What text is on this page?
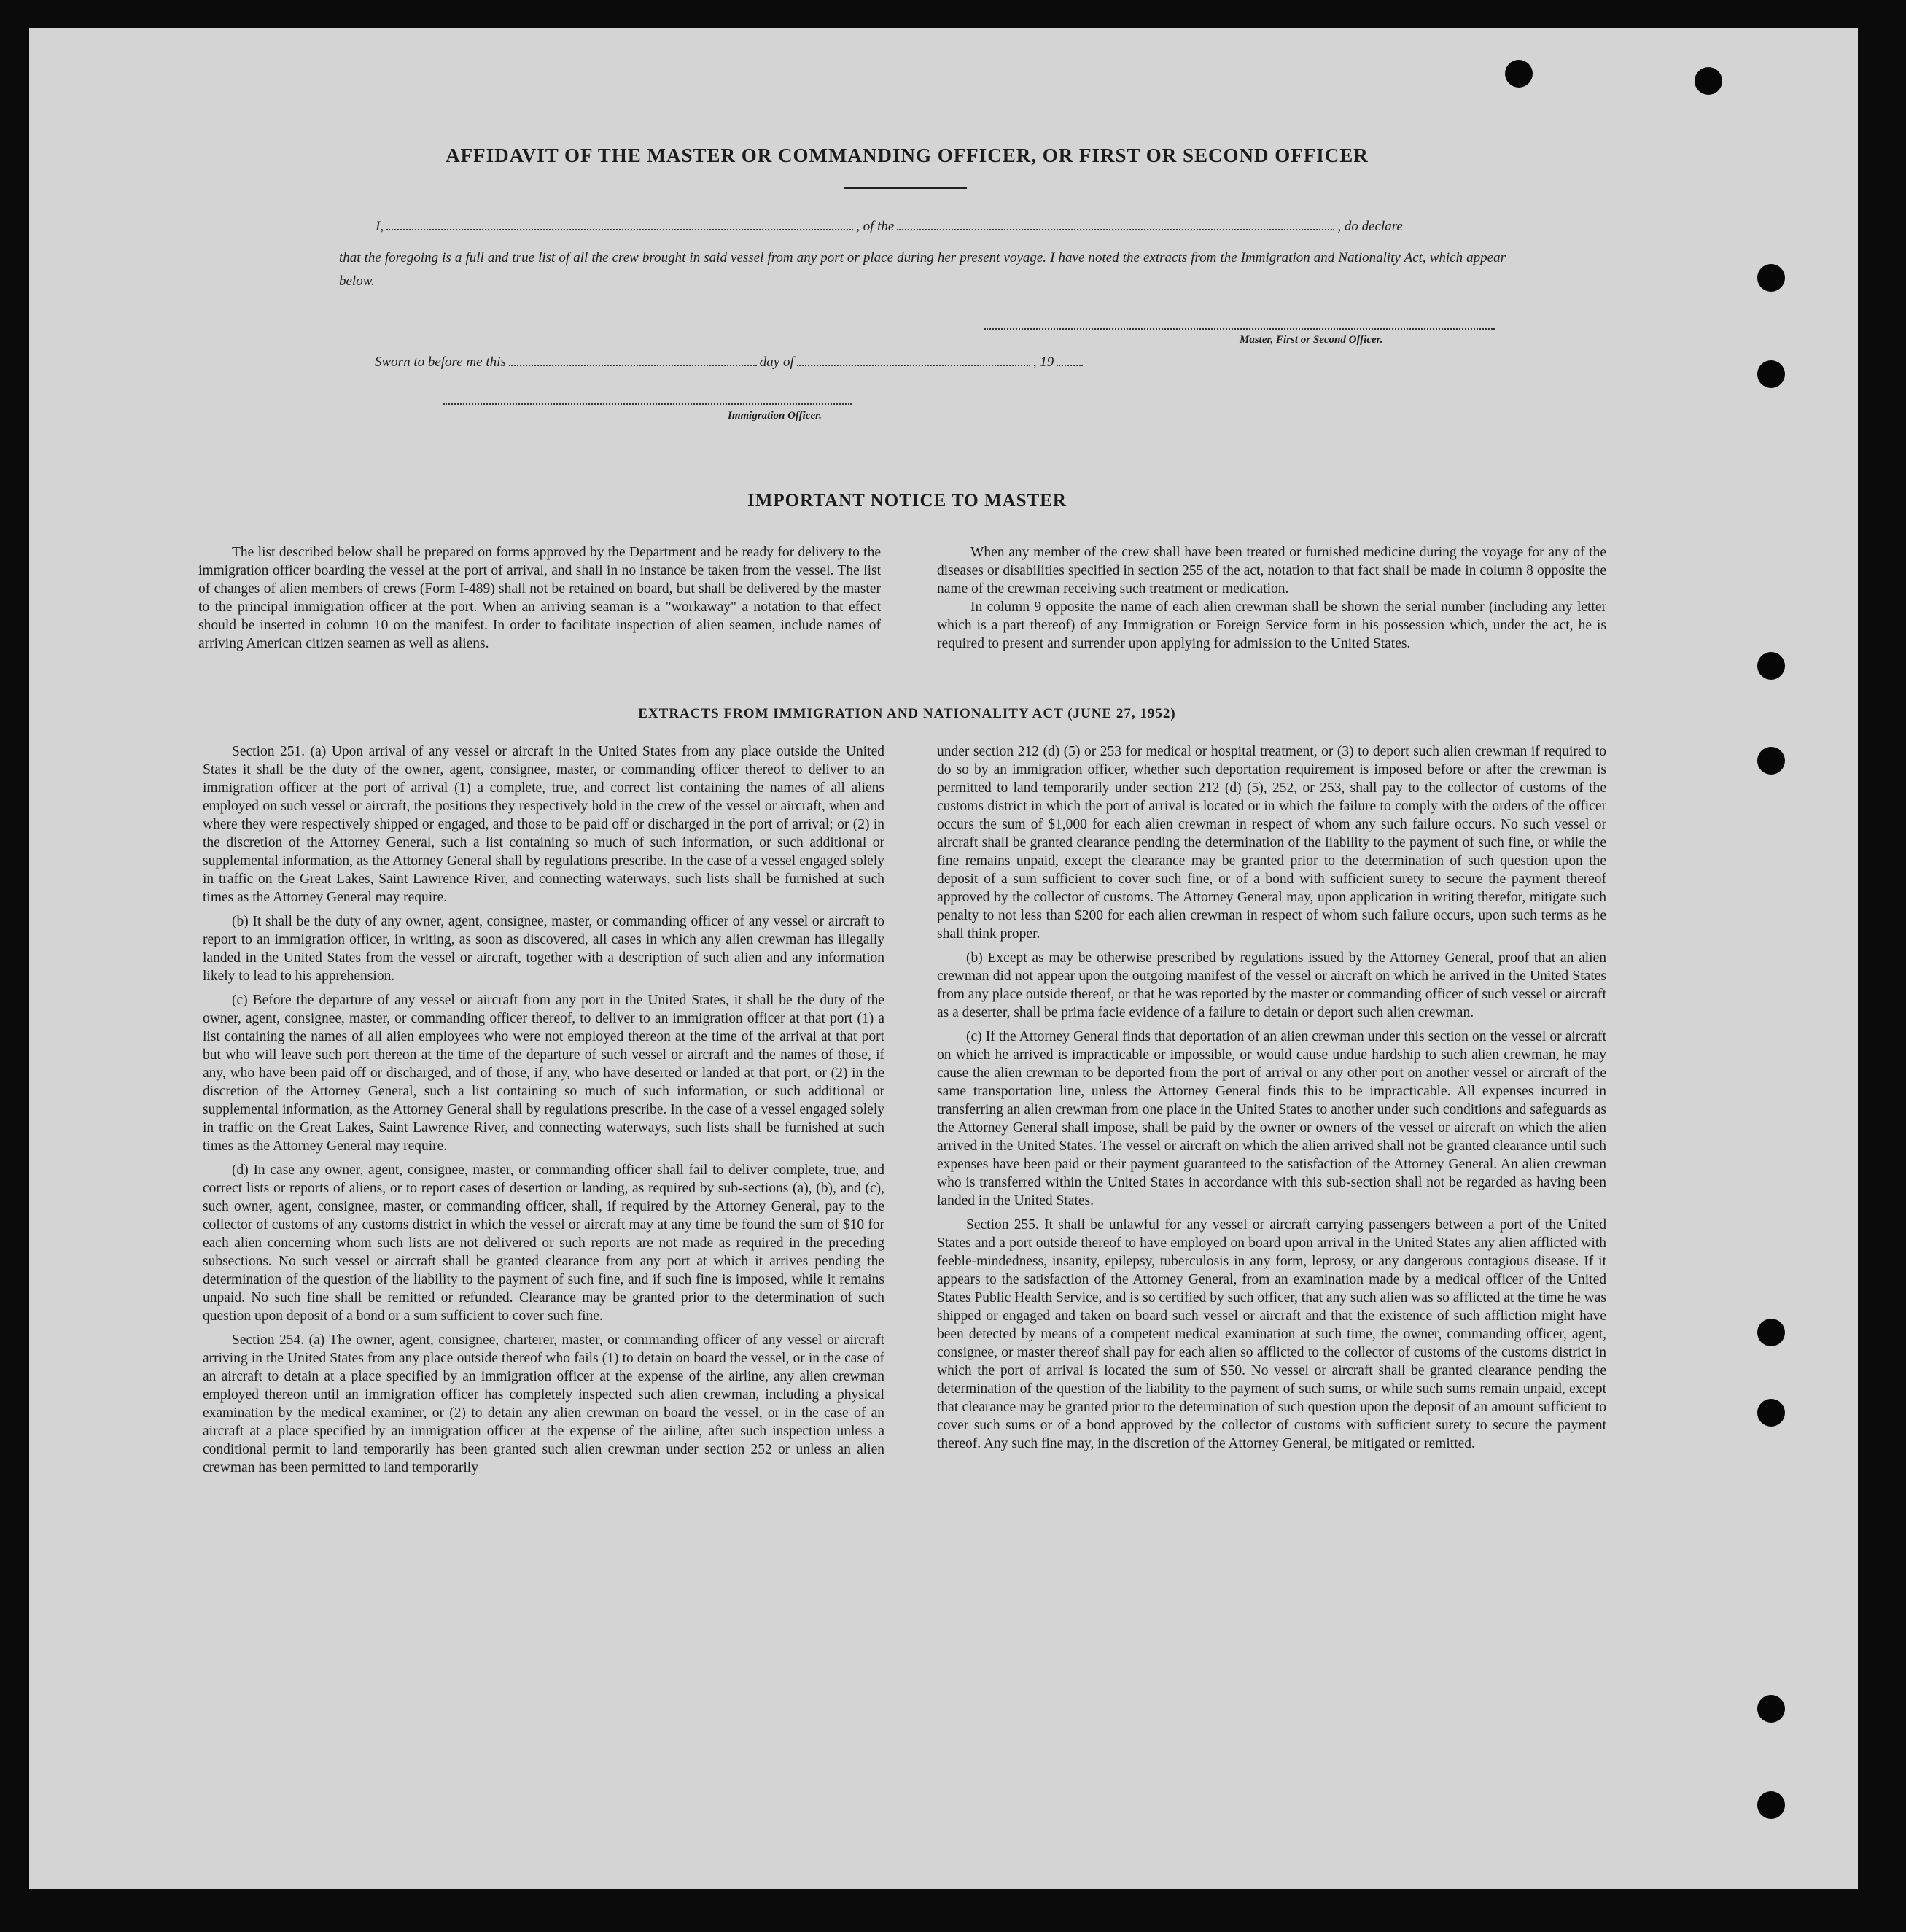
AFFIDAVIT OF THE MASTER OR COMMANDING OFFICER, OR FIRST OR SECOND OFFICER
I,	, of the	, do declare
that the foregoing is a full and true list of all the crew brought in said vessel from any port or place during her present voyage. I have noted the extracts from the Immigration and Nationality Act, which appear below.
Master, First or Second Officer.
Sworn to before me this	day of	, 19
Immigration Officer.
IMPORTANT NOTICE TO MASTER

The list described below shall be prepared on forms approved by the Department and be ready for delivery to the immigration officer boarding the vessel at the port of arrival, and shall in no instance be taken from the vessel. The list of changes of alien members of crews (Form I-489) shall not be retained on board, but shall be delivered by the master to the principal immigration officer at the port. When an arriving seaman is a "workaway" a notation to that effect should be inserted in column 10 on the manifest. In order to facilitate inspection of alien seamen, include names of arriving American citizen seamen as well as aliens.

When any member of the crew shall have been treated or furnished medicine during the voyage for any of the diseases or disabilities specified in section 255 of the act, notation to that fact shall be made in column 8 opposite the name of the crewman receiving such treatment or medication.

In column 9 opposite the name of each alien crewman shall be shown the serial number (including any letter which is a part thereof) of any Immigration or Foreign Service form in his possession which, under the act, he is required to present and surrender upon applying for admission to the United States.

EXTRACTS FROM IMMIGRATION AND NATIONALITY ACT (JUNE 27, 1952)

Section 251. (a) Upon arrival of any vessel or aircraft in the United States from any place outside the United States it shall be the duty of the owner, agent, consignee, master, or commanding officer thereof to deliver to an immigration officer at the port of arrival (1) a complete, true, and correct list containing the names of all aliens employed on such vessel or aircraft, the positions they respectively hold in the crew of the vessel or aircraft, when and where they were respectively shipped or engaged, and those to be paid off or discharged in the port of arrival; or (2) in the discretion of the Attorney General, such a list containing so much of such information, or such additional or supplemental information, as the Attorney General shall by regulations prescribe. In the case of a vessel engaged solely in traffic on the Great Lakes, Saint Lawrence River, and connecting waterways, such lists shall be furnished at such times as the Attorney General may require.

(b) It shall be the duty of any owner, agent, consignee, master, or commanding officer of any vessel or aircraft to report to an immigration officer, in writing, as soon as discovered, all cases in which any alien crewman has illegally landed in the United States from the vessel or aircraft, together with a description of such alien and any information likely to lead to his apprehension.

(c) Before the departure of any vessel or aircraft from any port in the United States, it shall be the duty of the owner, agent, consignee, master, or commanding officer thereof, to deliver to an immigration officer at that port (1) a list containing the names of all alien employees who were not employed thereon at the time of the arrival at that port but who will leave such port thereon at the time of the departure of such vessel or aircraft and the names of those, if any, who have been paid off or discharged, and of those, if any, who have deserted or landed at that port, or (2) in the discretion of the Attorney General, such a list containing so much of such information, or such additional or supplemental information, as the Attorney General shall by regulations prescribe. In the case of a vessel engaged solely in traffic on the Great Lakes, Saint Lawrence River, and connecting waterways, such lists shall be furnished at such times as the Attorney General may require.

(d) In case any owner, agent, consignee, master, or commanding officer shall fail to deliver complete, true, and correct lists or reports of aliens, or to report cases of desertion or landing, as required by sub-sections (a), (b), and (c), such owner, agent, consignee, master, or commanding officer, shall, if required by the Attorney General, pay to the collector of customs of any customs district in which the vessel or aircraft may at any time be found the sum of $10 for each alien concerning whom such lists are not delivered or such reports are not made as required in the preceding subsections. No such vessel or aircraft shall be granted clearance from any port at which it arrives pending the determination of the question of the liability to the payment of such fine, and if such fine is imposed, while it remains unpaid. No such fine shall be remitted or refunded. Clearance may be granted prior to the determination of such question upon deposit of a bond or a sum sufficient to cover such fine.

Section 254. (a) The owner, agent, consignee, charterer, master, or commanding officer of any vessel or aircraft arriving in the United States from any place outside thereof who fails (1) to detain on board the vessel, or in the case of an aircraft to detain at a place specified by an immigration officer at the expense of the airline, any alien crewman employed thereon until an immigration officer has completely inspected such alien crewman, including a physical examination by the medical examiner, or (2) to detain any alien crewman on board the vessel, or in the case of an aircraft at a place specified by an immigration officer at the expense of the airline, after such inspection unless a conditional permit to land temporarily has been granted such alien crewman under section 252 or unless an alien crewman has been permitted to land temporarily

under section 212 (d) (5) or 253 for medical or hospital treatment, or (3) to deport such alien crewman if required to do so by an immigration officer, whether such deportation requirement is imposed before or after the crewman is permitted to land temporarily under section 212 (d) (5), 252, or 253, shall pay to the collector of customs of the customs district in which the port of arrival is located or in which the failure to comply with the orders of the officer occurs the sum of $1,000 for each alien crewman in respect of whom any such failure occurs. No such vessel or aircraft shall be granted clearance pending the determination of the liability to the payment of such fine, or while the fine remains unpaid, except the clearance may be granted prior to the determination of such question upon the deposit of a sum sufficient to cover such fine, or of a bond with sufficient surety to secure the payment thereof approved by the collector of customs. The Attorney General may, upon application in writing therefor, mitigate such penalty to not less than $200 for each alien crewman in respect of whom such failure occurs, upon such terms as he shall think proper.

(b) Except as may be otherwise prescribed by regulations issued by the Attorney General, proof that an alien crewman did not appear upon the outgoing manifest of the vessel or aircraft on which he arrived in the United States from any place outside thereof, or that he was reported by the master or commanding officer of such vessel or aircraft as a deserter, shall be prima facie evidence of a failure to detain or deport such alien crewman.

(c) If the Attorney General finds that deportation of an alien crewman under this section on the vessel or aircraft on which he arrived is impracticable or impossible, or would cause undue hardship to such alien crewman, he may cause the alien crewman to be deported from the port of arrival or any other port on another vessel or aircraft of the same transportation line, unless the Attorney General finds this to be impracticable. All expenses incurred in transferring an alien crewman from one place in the United States to another under such conditions and safeguards as the Attorney General shall impose, shall be paid by the owner or owners of the vessel or aircraft on which the alien arrived in the United States. The vessel or aircraft on which the alien arrived shall not be granted clearance until such expenses have been paid or their payment guaranteed to the satisfaction of the Attorney General. An alien crewman who is transferred within the United States in accordance with this sub-section shall not be regarded as having been landed in the United States.

Section 255. It shall be unlawful for any vessel or aircraft carrying passengers between a port of the United States and a port outside thereof to have employed on board upon arrival in the United States any alien afflicted with feeble-mindedness, insanity, epilepsy, tuberculosis in any form, leprosy, or any dangerous contagious disease. If it appears to the satisfaction of the Attorney General, from an examination made by a medical officer of the United States Public Health Service, and is so certified by such officer, that any such alien was so afflicted at the time he was shipped or engaged and taken on board such vessel or aircraft and that the existence of such affliction might have been detected by means of a competent medical examination at such time, the owner, commanding officer, agent, consignee, or master thereof shall pay for each alien so afflicted to the collector of customs of the customs district in which the port of arrival is located the sum of $50. No vessel or aircraft shall be granted clearance pending the determination of the question of the liability to the payment of such sums, or while such sums remain unpaid, except that clearance may be granted prior to the determination of such question upon the deposit of an amount sufficient to cover such sums or of a bond approved by the collector of customs with sufficient surety to secure the payment thereof. Any such fine may, in the discretion of the Attorney General, be mitigated or remitted.
